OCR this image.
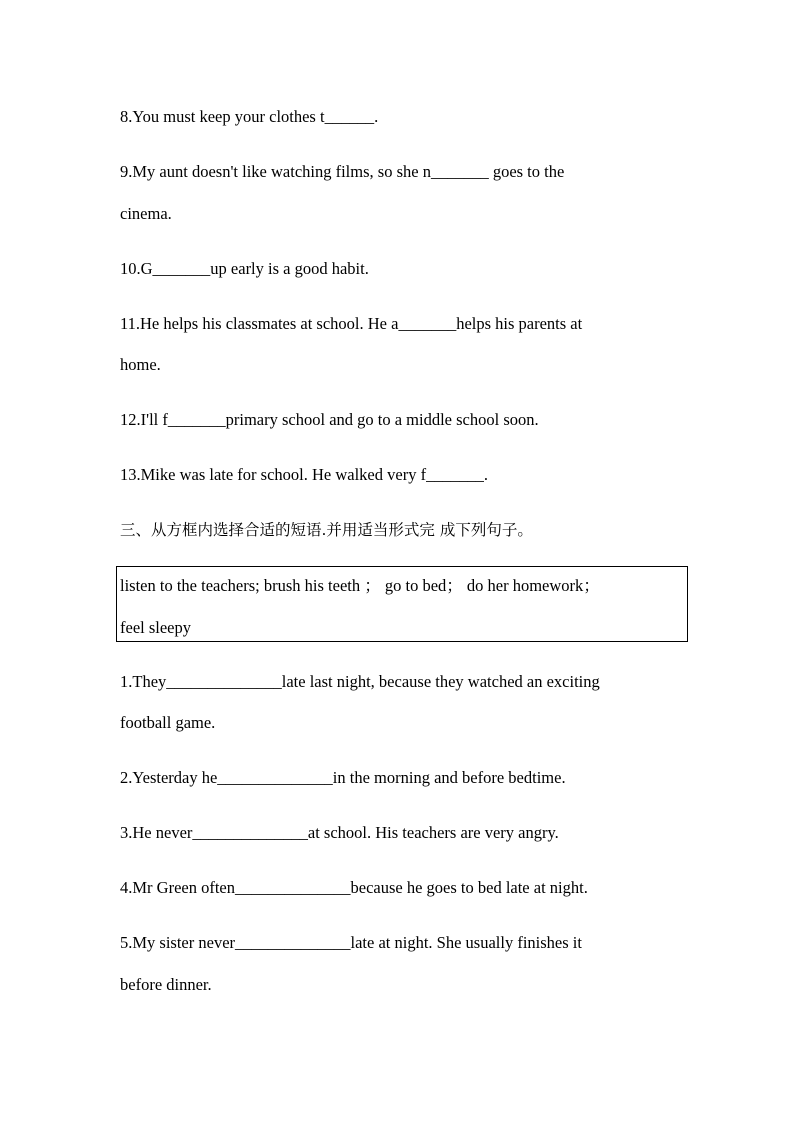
8.You must keep your clothes t______.
9.My aunt doesn't like watching films, so she n_______ goes to the
cinema.
10.G_______up early is a good habit.
11.He helps his classmates at school. He a_______helps his parents at
home.
12.I'll f_______primary school and go to a middle school soon.
13.Mike was late for school. He walked very f_______.
三、从方框内选择合适的短语.并用适当形式完 成下列句子。
listen to the teachers; brush his teeth ； go to bed； do her homework；
feel sleepy
1.They______________late last night, because they watched an exciting
football game.
2.Yesterday he______________in the morning and before bedtime.
3.He never______________at school. His teachers are very angry.
4.Mr Green often______________because he goes to bed late at night.
5.My sister never______________late at night. She usually finishes it
before dinner.
